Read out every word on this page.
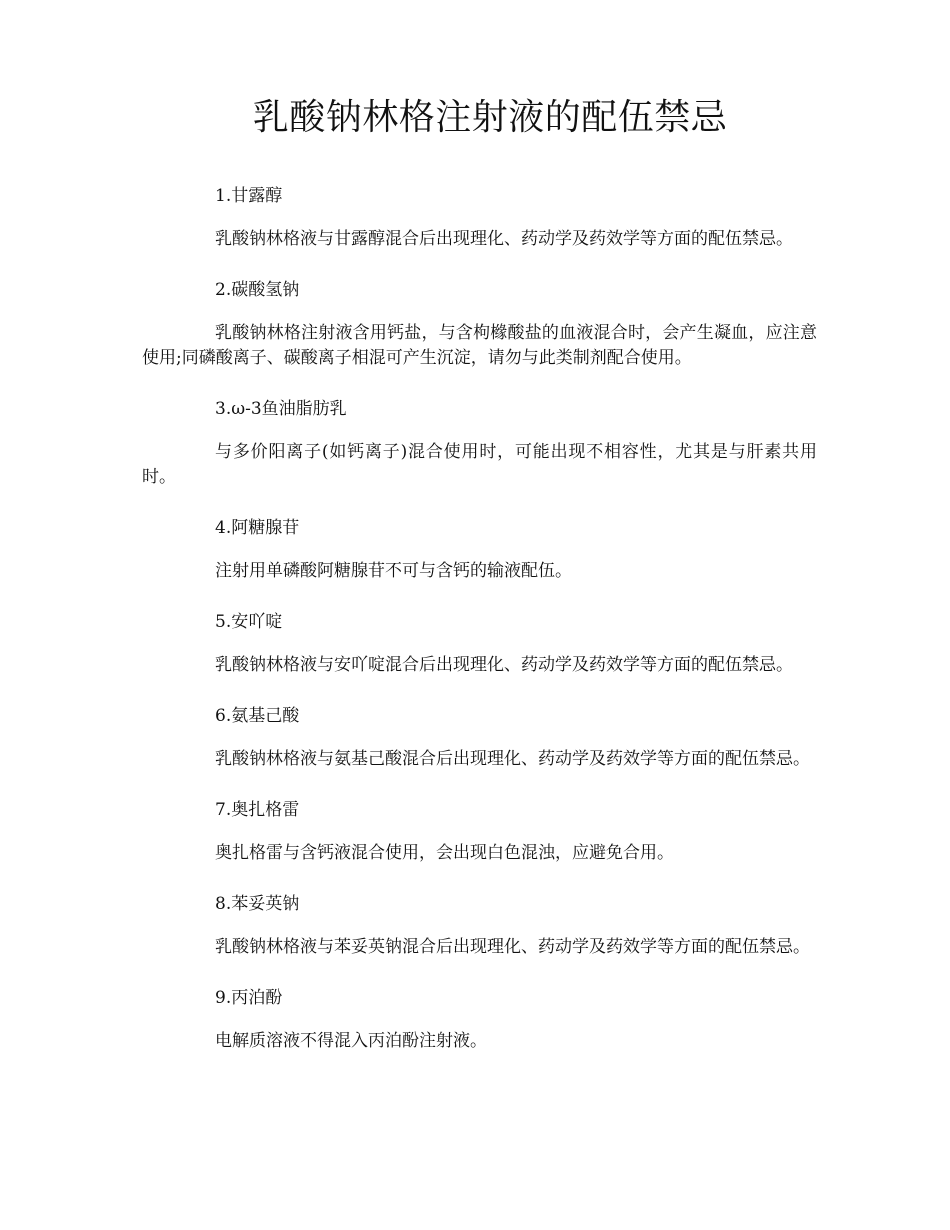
乳酸钠林格注射液的配伍禁忌

1.甘露醇

乳酸钠林格液与甘露醇混合后出现理化、药动学及药效学等方面的配伍禁忌。

2.碳酸氢钠

乳酸钠林格注射液含用钙盐，与含枸橼酸盐的血液混合时，会产生凝血，应注意使用;同磷酸离子、碳酸离子相混可产生沉淀，请勿与此类制剂配合使用。

3.ω-3鱼油脂肪乳

与多价阳离子(如钙离子)混合使用时，可能出现不相容性，尤其是与肝素共用时。

4.阿糖腺苷

注射用单磷酸阿糖腺苷不可与含钙的输液配伍。

5.安吖啶

乳酸钠林格液与安吖啶混合后出现理化、药动学及药效学等方面的配伍禁忌。

6.氨基己酸

乳酸钠林格液与氨基己酸混合后出现理化、药动学及药效学等方面的配伍禁忌。

7.奥扎格雷

奥扎格雷与含钙液混合使用，会出现白色混浊，应避免合用。

8.苯妥英钠

乳酸钠林格液与苯妥英钠混合后出现理化、药动学及药效学等方面的配伍禁忌。

9.丙泊酚

电解质溶液不得混入丙泊酚注射液。
